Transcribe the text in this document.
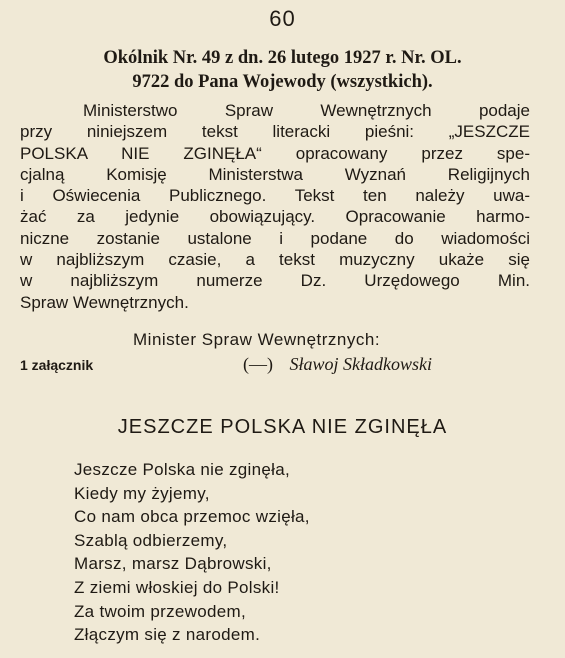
60
Okólnik Nr. 49 z dn. 26 lutego 1927 r. Nr. OL.
9722 do Pana Wojewody (wszystkich).
Ministerstwo Spraw Wewnętrznych podaje
przy niniejszem tekst literacki pieśni: „JESZCZE
POLSKA NIE ZGINĘŁA“ opracowany przez spe-
cjalną Komisję Ministerstwa Wyznań Religijnych
i Oświecenia Publicznego. Tekst ten należy uwa-
żać za jedynie obowiązujący. Opracowanie harmo-
niczne zostanie ustalone i podane do wiadomości
w najbliższym czasie, a tekst muzyczny ukaże się
w najbliższym numerze Dz. Urzędowego Min.
Spraw Wewnętrznych.
Minister Spraw Wewnętrznych:
1 załącznik	(—) Sławoj Składkowski
JESZCZE POLSKA NIE ZGINĘŁA
Jeszcze Polska nie zginęła,
Kiedy my żyjemy,
Co nam obca przemoc wzięła,
Szablą odbierzemy,
Marsz, marsz Dąbrowski,
Z ziemi włoskiej do Polski!
Za twoim przewodem,
Złączym się z narodem.
